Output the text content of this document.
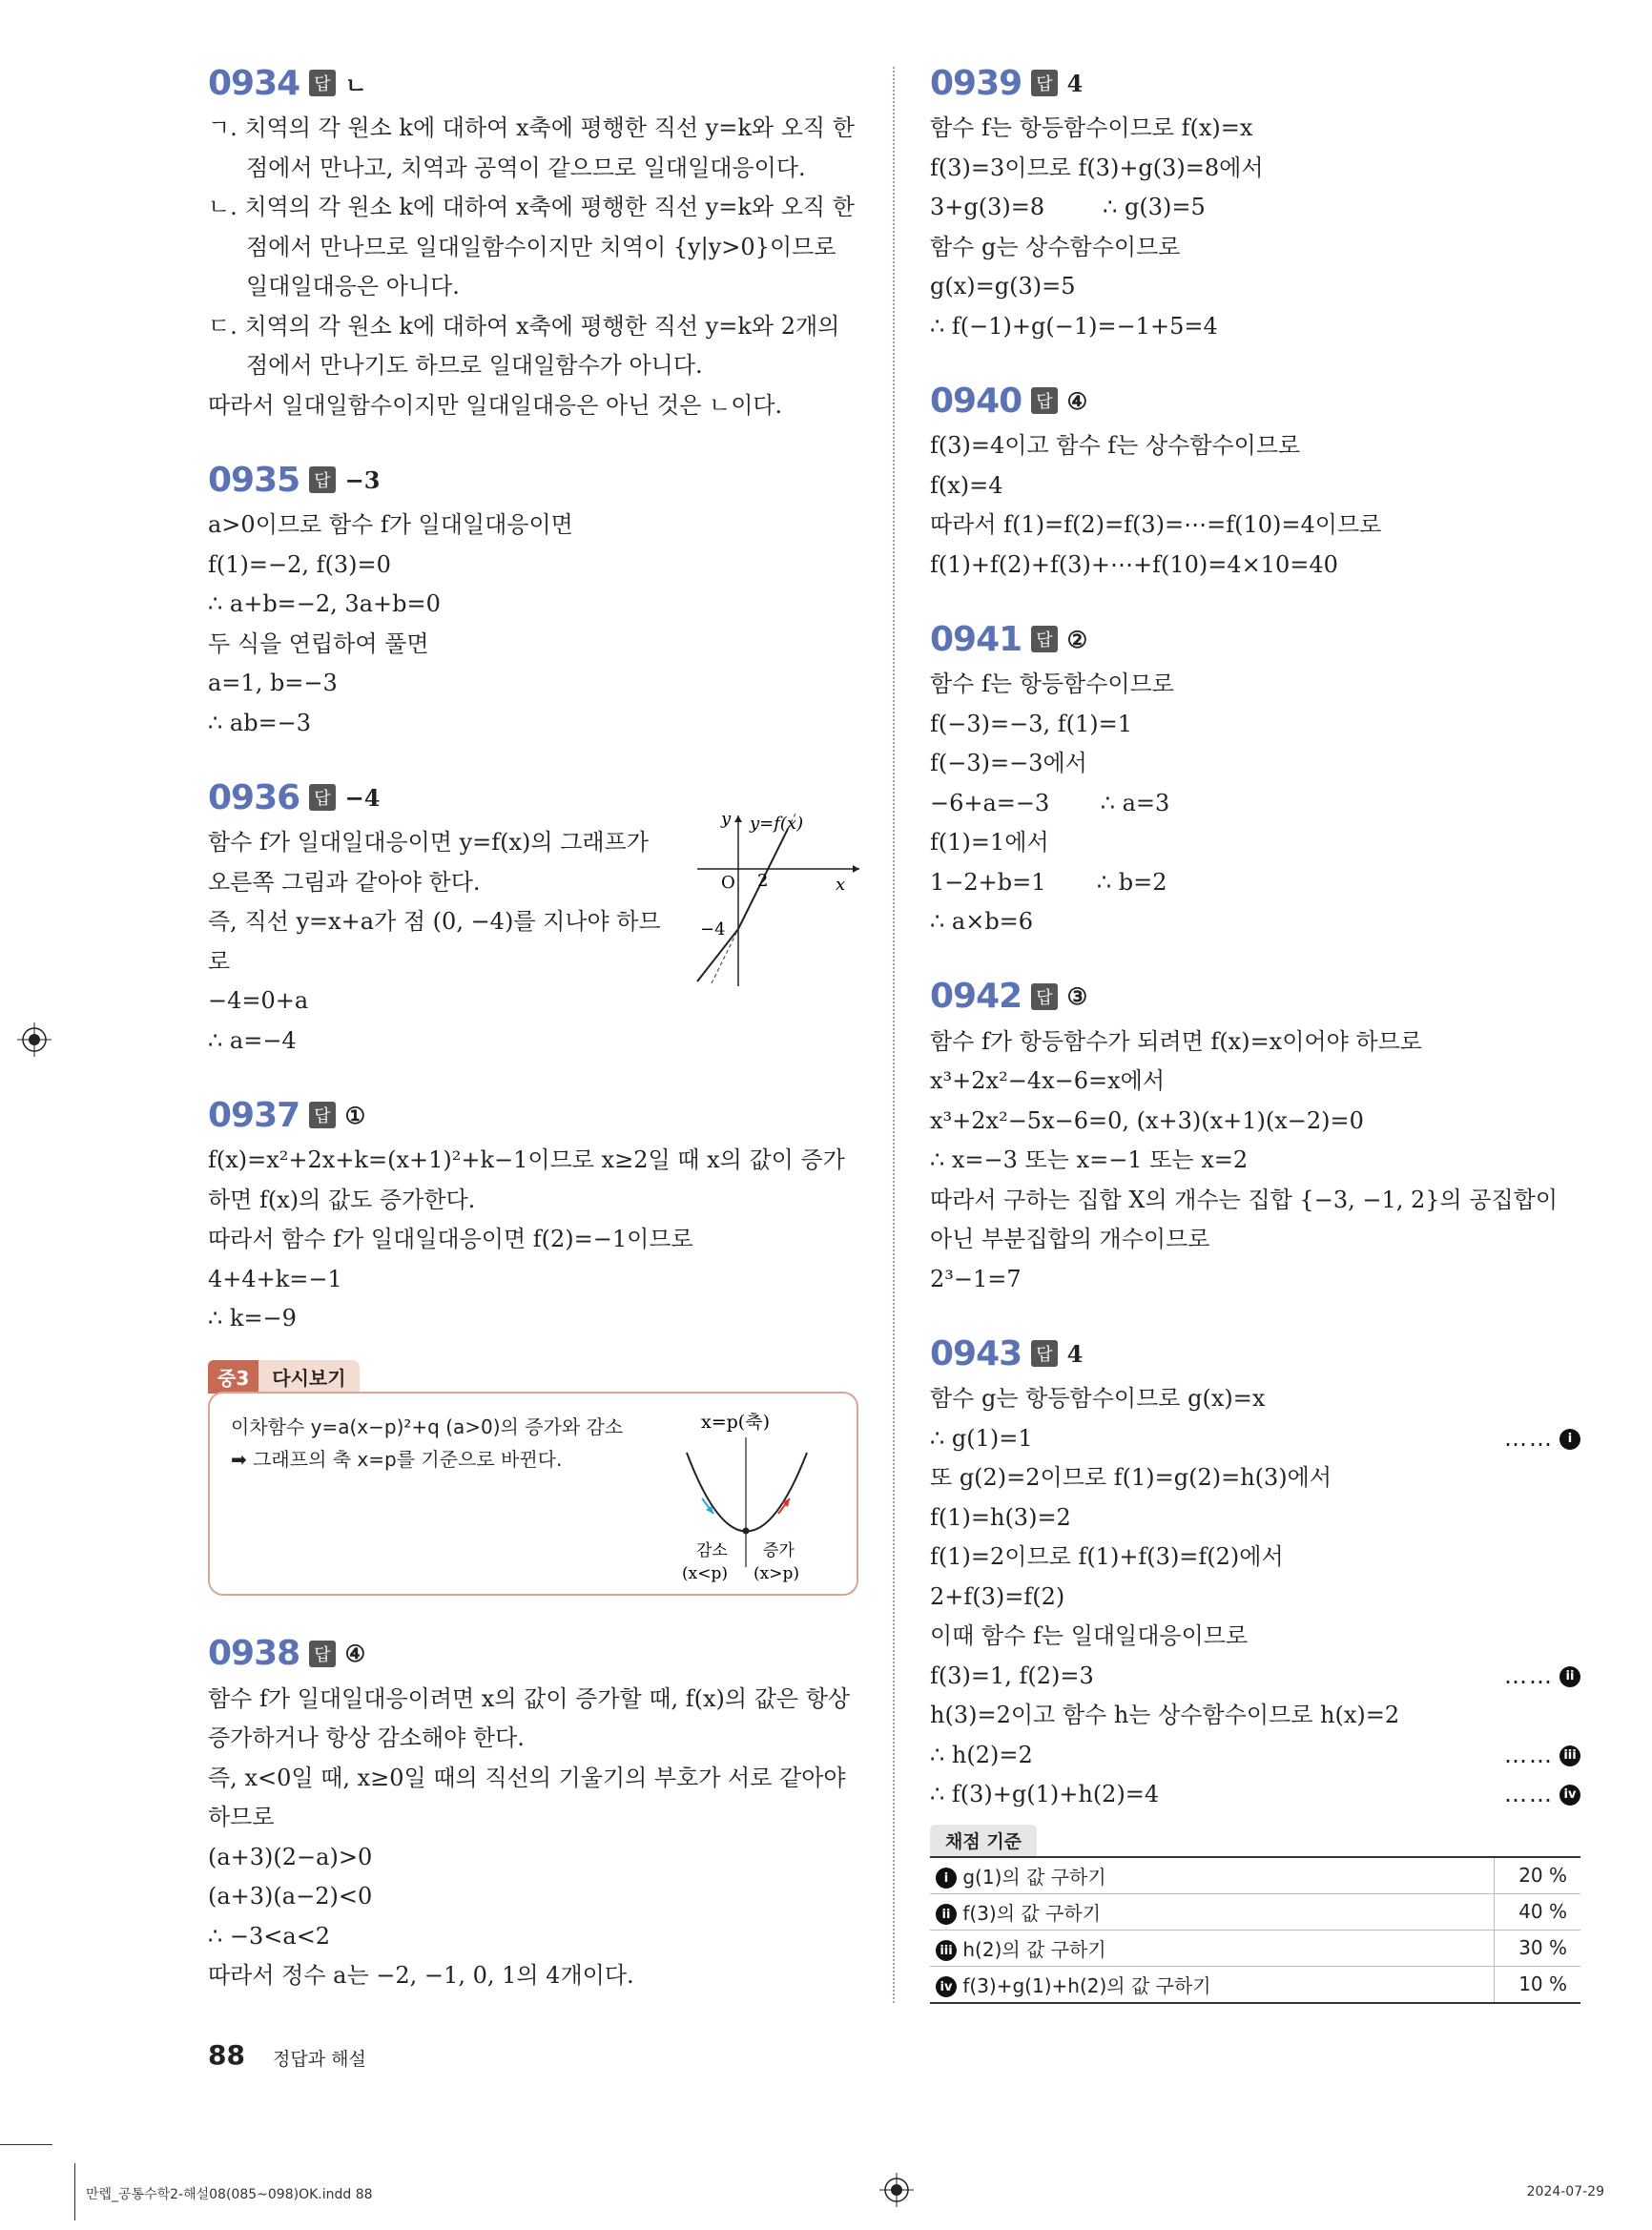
0934 답 ㄴ
ㄱ. 치역의 각 원소 k에 대하여 x축에 평행한 직선 y=k와 오직 한 점에서 만나고, 치역과 공역이 같으므로 일대일대응이다.
ㄴ. 치역의 각 원소 k에 대하여 x축에 평행한 직선 y=k와 오직 한 점에서 만나므로 일대일함수이지만 치역이 {y|y>0}이므로 일대일대응은 아니다.
ㄷ. 치역의 각 원소 k에 대하여 x축에 평행한 직선 y=k와 2개의 점에서 만나기도 하므로 일대일함수가 아니다.
따라서 일대일함수이지만 일대일대응은 아닌 것은 ㄴ이다.
0935 답 −3
a>0이므로 함수 f가 일대일대응이면
f(1)=−2, f(3)=0
∴ a+b=−2, 3a+b=0
두 식을 연립하여 풀면
a=1, b=−3
∴ ab=−3
0936 답 −4
함수 f가 일대일대응이면 y=f(x)의 그래프가
오른쪽 그림과 같아야 한다.
즉, 직선 y=x+a가 점 (0, −4)를 지나야 하므
로
−4=0+a
∴ a=−4
y y=f(x)
O 2	x
−4
0937 답 ①
f(x)=x²+2x+k=(x+1)²+k−1이므로 x≥2일 때 x의 값이 증가하면 f(x)의 값도 증가한다.
따라서 함수 f가 일대일대응이면 f(2)=−1이므로
4+4+k=−1
∴ k=−9
중3	다시보기
이차함수 y=a(x−p)²+q (a>0)의 증가와 감소
➡ 그래프의 축 x=p를 기준으로 바뀐다.
x=p(축)
감소
(x<p)
증가
(x>p)
0938 답 ④
함수 f가 일대일대응이려면 x의 값이 증가할 때, f(x)의 값은 항상 증가하거나 항상 감소해야 한다.
즉, x<0일 때, x≥0일 때의 직선의 기울기의 부호가 서로 같아야 하므로
(a+3)(2−a)>0
(a+3)(a−2)<0
∴ −3<a<2
따라서 정수 a는 −2, −1, 0, 1의 4개이다.
0939 답 4
함수 f는 항등함수이므로 f(x)=x
f(3)=3이므로 f(3)+g(3)=8에서
3+g(3)=8        ∴ g(3)=5
함수 g는 상수함수이므로
g(x)=g(3)=5
∴ f(−1)+g(−1)=−1+5=4
0940 답 ④
f(3)=4이고 함수 f는 상수함수이므로
f(x)=4
따라서 f(1)=f(2)=f(3)=⋯=f(10)=4이므로
f(1)+f(2)+f(3)+⋯+f(10)=4×10=40
0941 답 ②
함수 f는 항등함수이므로
f(−3)=−3, f(1)=1
f(−3)=−3에서
−6+a=−3       ∴ a=3
f(1)=1에서
1−2+b=1       ∴ b=2
∴ a×b=6
0942 답 ③
함수 f가 항등함수가 되려면 f(x)=x이어야 하므로
x³+2x²−4x−6=x에서
x³+2x²−5x−6=0, (x+3)(x+1)(x−2)=0
∴ x=−3 또는 x=−1 또는 x=2
따라서 구하는 집합 X의 개수는 집합 {−3, −1, 2}의 공집합이 아닌 부분집합의 개수이므로
2³−1=7
0943 답 4
함수 g는 항등함수이므로 g(x)=x
∴ g(1)=1	…… i
또 g(2)=2이므로 f(1)=g(2)=h(3)에서
f(1)=h(3)=2
f(1)=2이므로 f(1)+f(3)=f(2)에서
2+f(3)=f(2)
이때 함수 f는 일대일대응이므로
f(3)=1, f(2)=3	…… ii
h(3)=2이고 함수 h는 상수함수이므로 h(x)=2
∴ h(2)=2	…… iii
∴ f(3)+g(1)+h(2)=4	…… iv
채점 기준
i g(1)의 값 구하기	20 %
ii f(3)의 값 구하기	40 %
iii h(2)의 값 구하기	30 %
iv f(3)+g(1)+h(2)의 값 구하기	10 %
88 정답과 해설
만렙_공통수학2-해설08(085~098)OK.indd 88	2024-07-29
